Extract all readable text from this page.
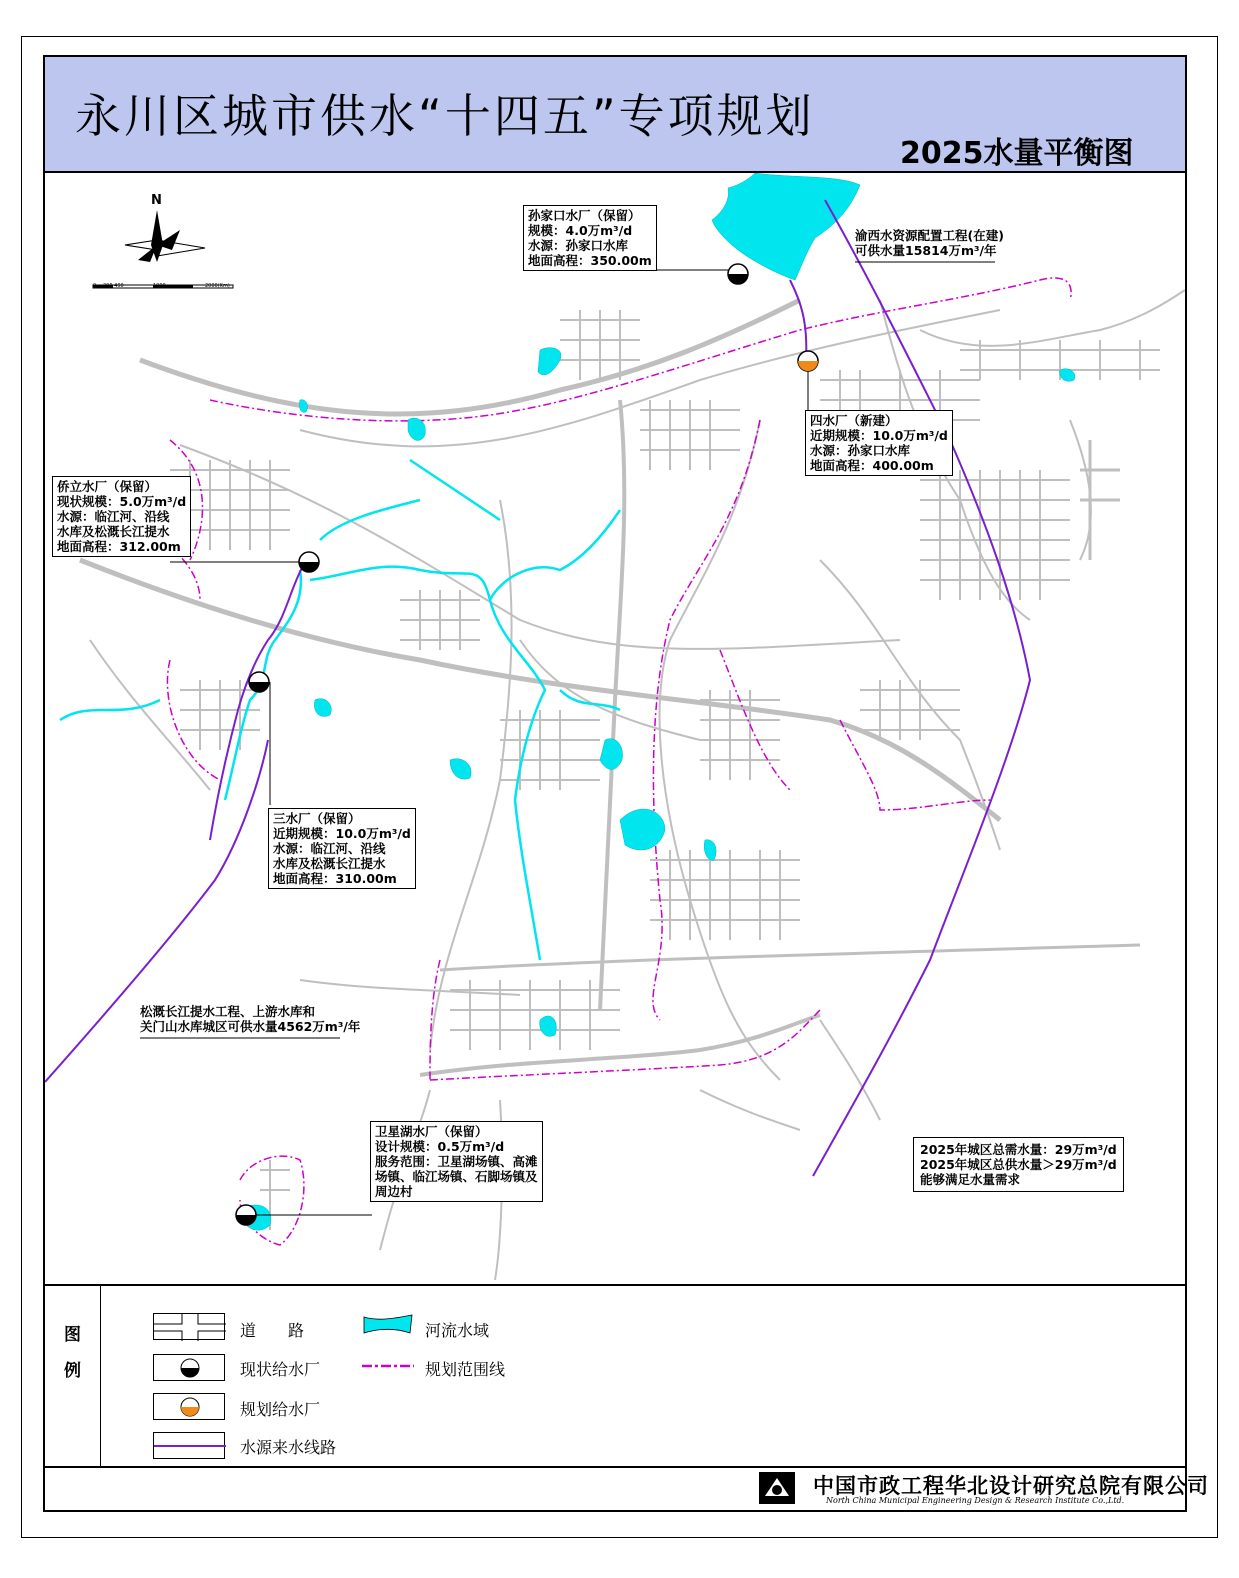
永川区城市供水“十四五”专项规划
2025水量平衡图
N
0 200 400	1000	2000(Km)
孙家口水厂（保留）
规模：4.0万m³/d
水源：孙家口水库
地面高程：350.00m
四水厂（新建）
近期规模：10.0万m³/d
水源：孙家口水库
地面高程：400.00m
侨立水厂（保留）
现状规模：5.0万m³/d
水源：临江河、沿线
水库及松溉长江提水
地面高程：312.00m
三水厂（保留）
近期规模：10.0万m³/d
水源：临江河、沿线
水库及松溉长江提水
地面高程：310.00m
卫星湖水厂（保留）
设计规模：0.5万m³/d
服务范围：卫星湖场镇、高滩
场镇、临江场镇、石脚场镇及
周边村
渝西水资源配置工程(在建)
可供水量15814万m³/年
松溉长江提水工程、上游水库和
关门山水库城区可供水量4562万m³/年
2025年城区总需水量：29万m³/d
2025年城区总供水量＞29万m³/d
能够满足水量需求
图
例
道　　路
现状给水厂
规划给水厂
水源来水线路
河流水域
规划范围线
中国市政工程华北设计研究总院有限公司
North China Municipal Engineering Design & Research Institute Co.,Ltd.
